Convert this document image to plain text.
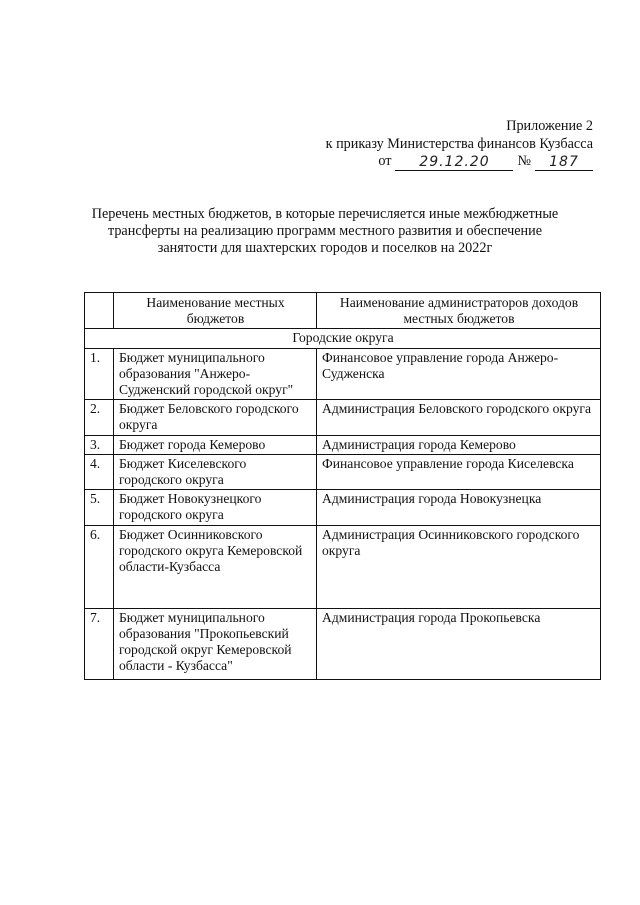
Приложение 2
к приказу Министерства финансов Кузбасса
от	29.12.20	№	187
Перечень местных бюджетов, в которые перечисляется иные межбюджетные
трансферты на реализацию программ местного развития и обеспечение
занятости для шахтерских городов и поселков на 2022г
	Наименование местных бюджетов	Наименование администраторов доходов местных бюджетов
Городские округа		
1.	Бюджет муниципального образования "Анжеро-Судженский городской округ"	Финансовое управление города Анжеро-Судженска
2.	Бюджет Беловского городского округа	Администрация Беловского городского округа
3.	Бюджет города Кемерово	Администрация города Кемерово
4.	Бюджет Киселевского городского округа	Финансовое управление города Киселевска
5.	Бюджет Новокузнецкого городского округа	Администрация города Новокузнецка
6.	Бюджет Осинниковского городского округа Кемеровской области-Кузбасса	Администрация Осинниковского городского округа
7.	Бюджет муниципального образования "Прокопьевский городской округ Кемеровской области - Кузбасса"	Администрация города Прокопьевска
